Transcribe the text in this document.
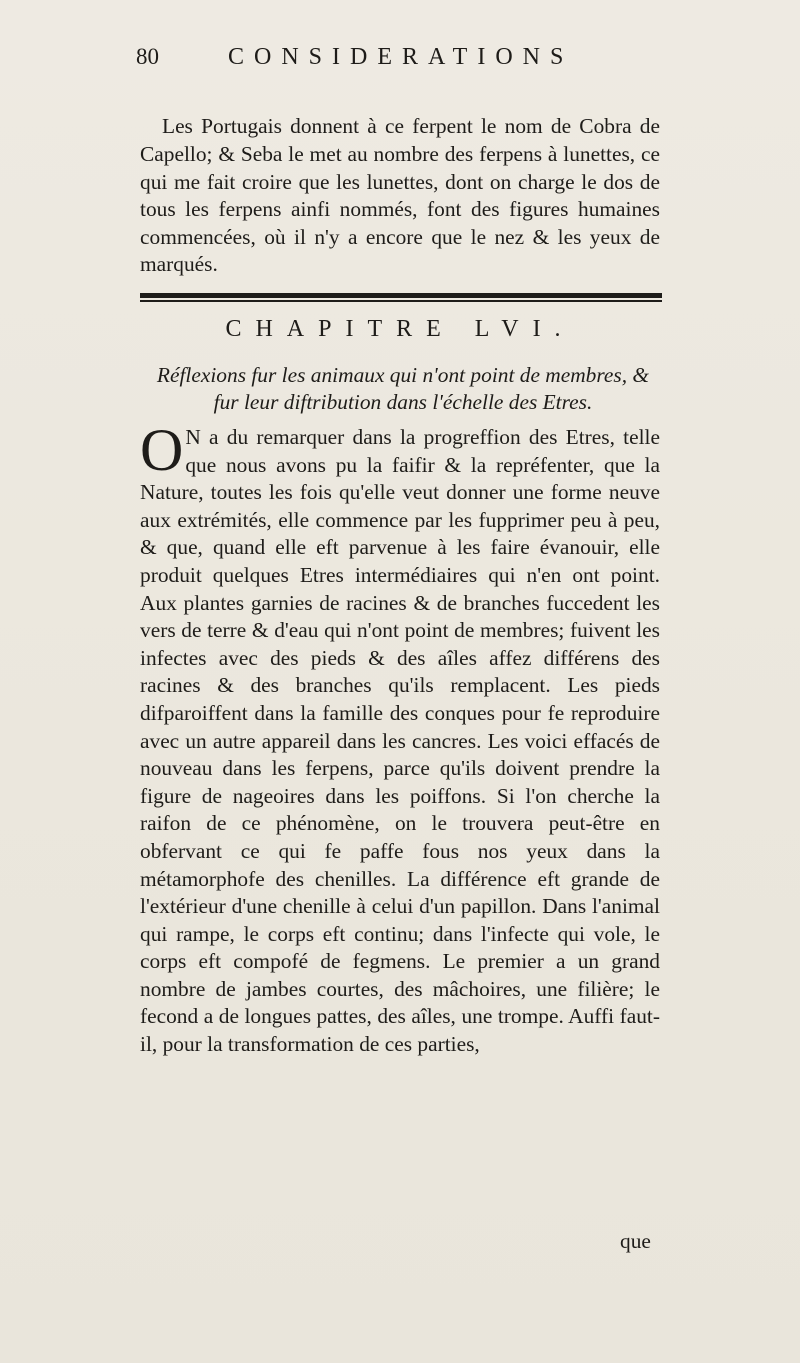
80	CONSIDERATIONS

Les Portugais donnent à ce ferpent le nom de Cobra de Capello; & Seba le met au nombre des ferpens à lunettes, ce qui me fait croire que les lunettes, dont on charge le dos de tous les ferpens ainfi nommés, font des figures humaines commencées, où il n'y a encore que le nez & les yeux de marqués.

CHAPITRE LVI.
Réflexions fur les animaux qui n'ont point de membres, & fur leur diftribution dans l'échelle des Etres.
O N a du remarquer dans la progreffion des Etres, telle que nous avons pu la faifir & la repréfenter, que la Nature, toutes les fois qu'elle veut donner une forme neuve aux extrémités, elle commence par les fupprimer peu à peu, & que, quand elle eft parvenue à les faire évanouir, elle produit quelques Etres intermédiaires qui n'en ont point. Aux plantes garnies de racines & de branches fuccedent les vers de terre & d'eau qui n'ont point de membres; fuivent les infectes avec des pieds & des aîles affez différens des racines & des branches qu'ils remplacent. Les pieds difparoiffent dans la famille des conques pour fe reproduire avec un autre appareil dans les cancres. Les voici effacés de nouveau dans les ferpens, parce qu'ils doivent prendre la figure de nageoires dans les poiffons. Si l'on cherche la raifon de ce phénomène, on le trouvera peut-être en obfervant ce qui fe paffe fous nos yeux dans la métamorphofe des chenilles. La différence eft grande de l'extérieur d'une chenille à celui d'un papillon. Dans l'animal qui rampe, le corps eft continu; dans l'infecte qui vole, le corps eft compofé de fegmens. Le premier a un grand nombre de jambes courtes, des mâchoires, une filière; le fecond a de longues pattes, des aîles, une trompe. Auffi faut-il, pour la transformation de ces parties,
que
